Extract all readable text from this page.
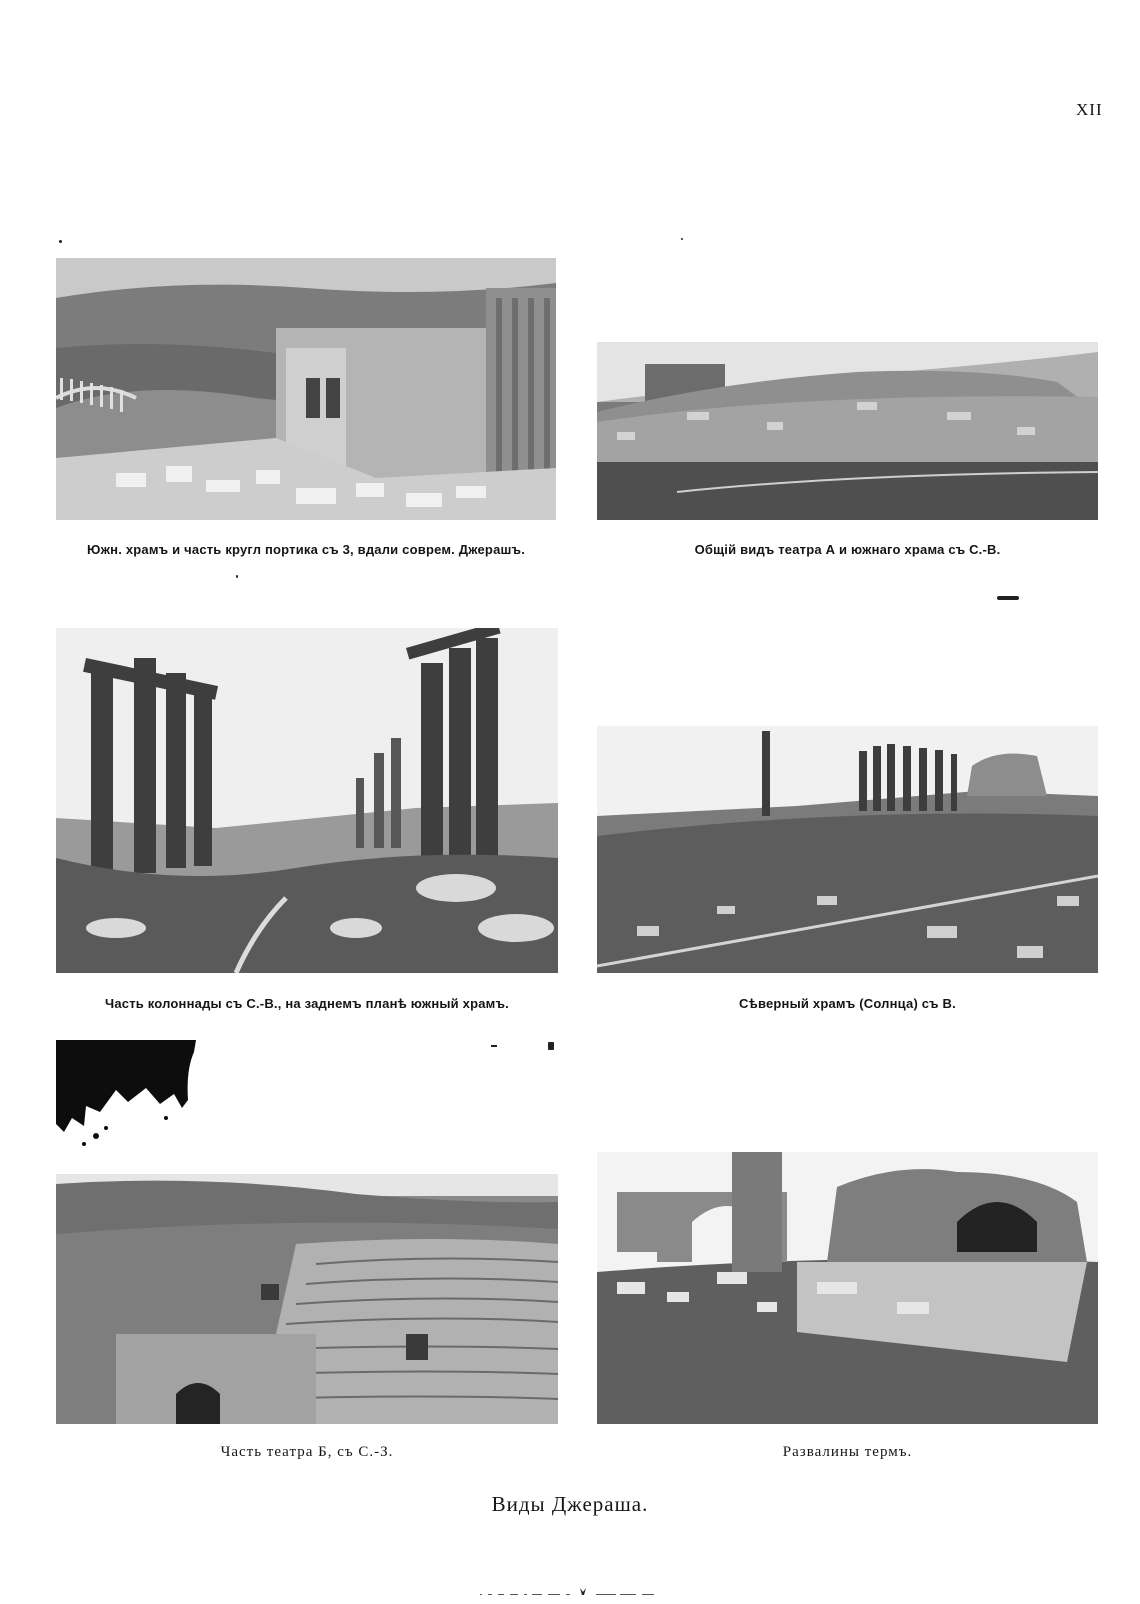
XII
Южн. храмъ и часть кругл портика съ 3, вдали соврем. Джерашъ.	Общій видъ театра А и южнаго храма съ С.-В.
Часть колоннады съ С.-В., на заднемъ планѣ южный храмъ.	Сѣверный храмъ (Солнца) съ В.
Часть театра Б, съ С.-З.	Развалины термъ.
Виды Джераша.
